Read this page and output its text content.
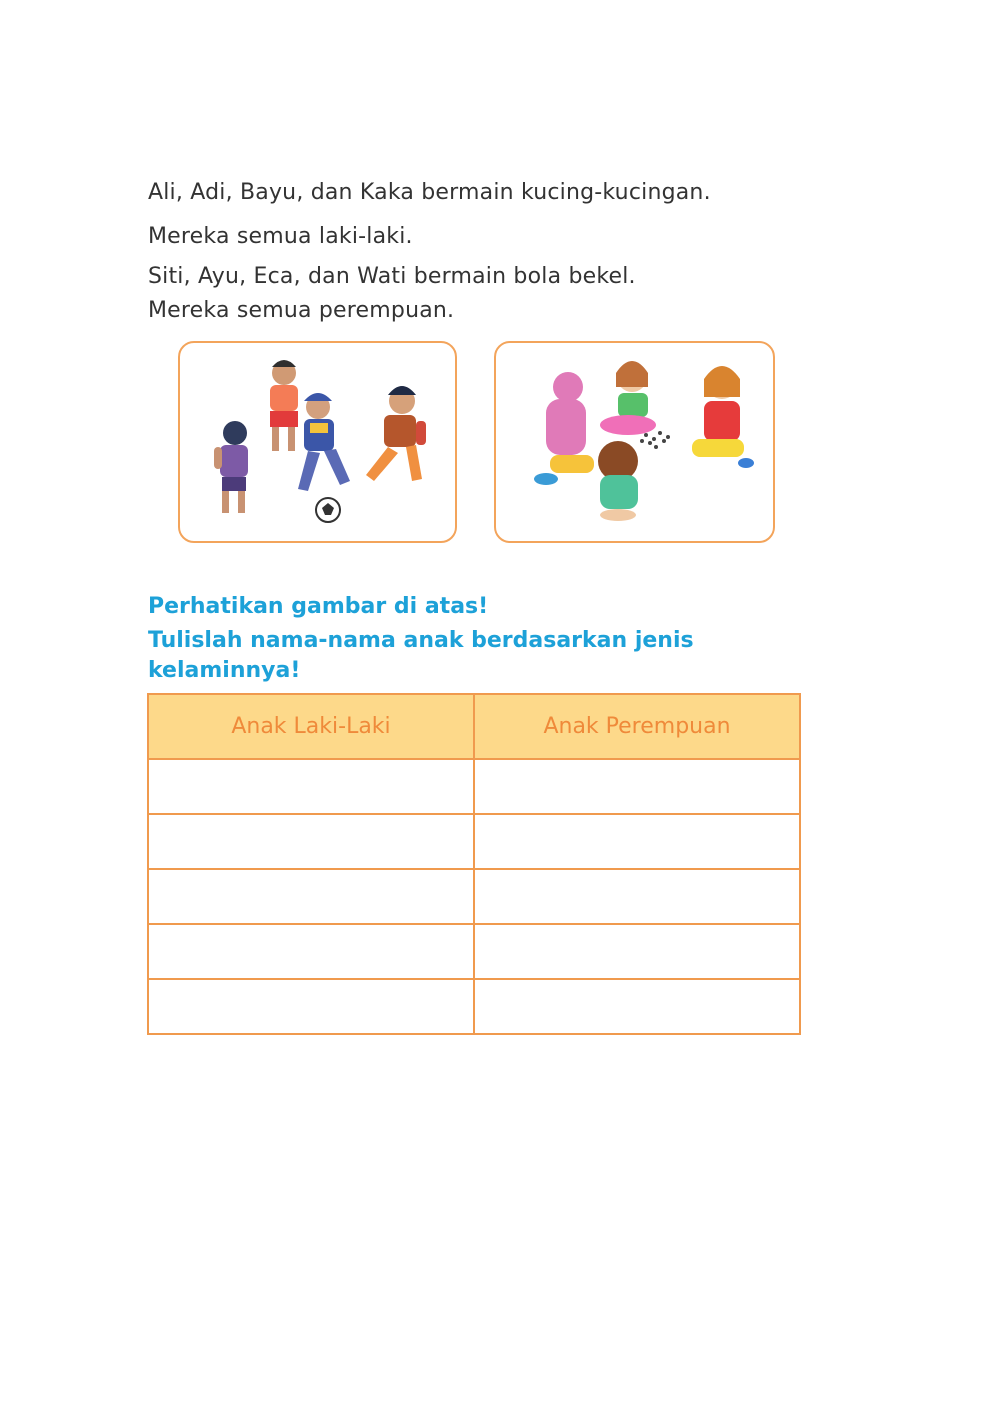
Ali, Adi, Bayu, dan Kaka bermain kucing-kucingan.

Mereka semua laki-laki.

Siti, Ayu, Eca, dan Wati bermain bola bekel.

Mereka semua perempuan.

Perhatikan gambar di atas!

Tulislah nama-nama anak berdasarkan jenis

kelaminnya!

Anak Laki-Laki	Anak Perempuan
